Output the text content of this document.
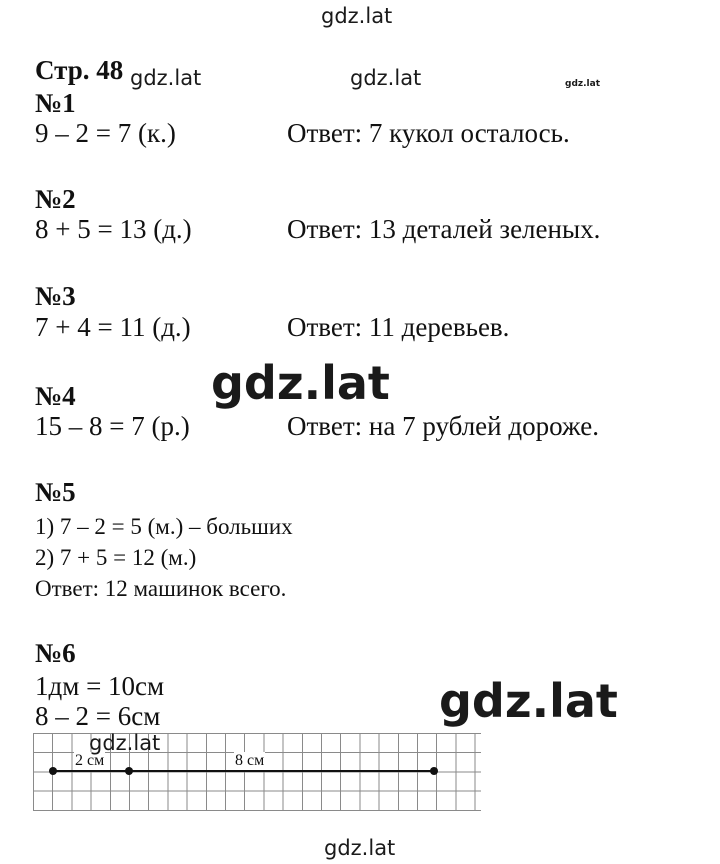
gdz.lat
gdz.lat	gdz.lat	gdz.lat
Стр. 48
№1
9 – 2 = 7 (к.)	Ответ: 7 кукол осталось.
№2
8 + 5 = 13 (д.)	Ответ: 13 деталей зеленых.
№3
7 + 4 = 11 (д.)	Ответ: 11 деревьев.
gdz.lat
№4
15 – 8 = 7 (р.)	Ответ: на 7 рублей дороже.
№5
1) 7 – 2 = 5 (м.) – больших
2) 7 + 5 = 12 (м.)
Ответ: 12 машинок всего.
№6
1дм = 10см
8 – 2 = 6см	gdz.lat
2 см	8 см
gdz.lat
gdz.lat
